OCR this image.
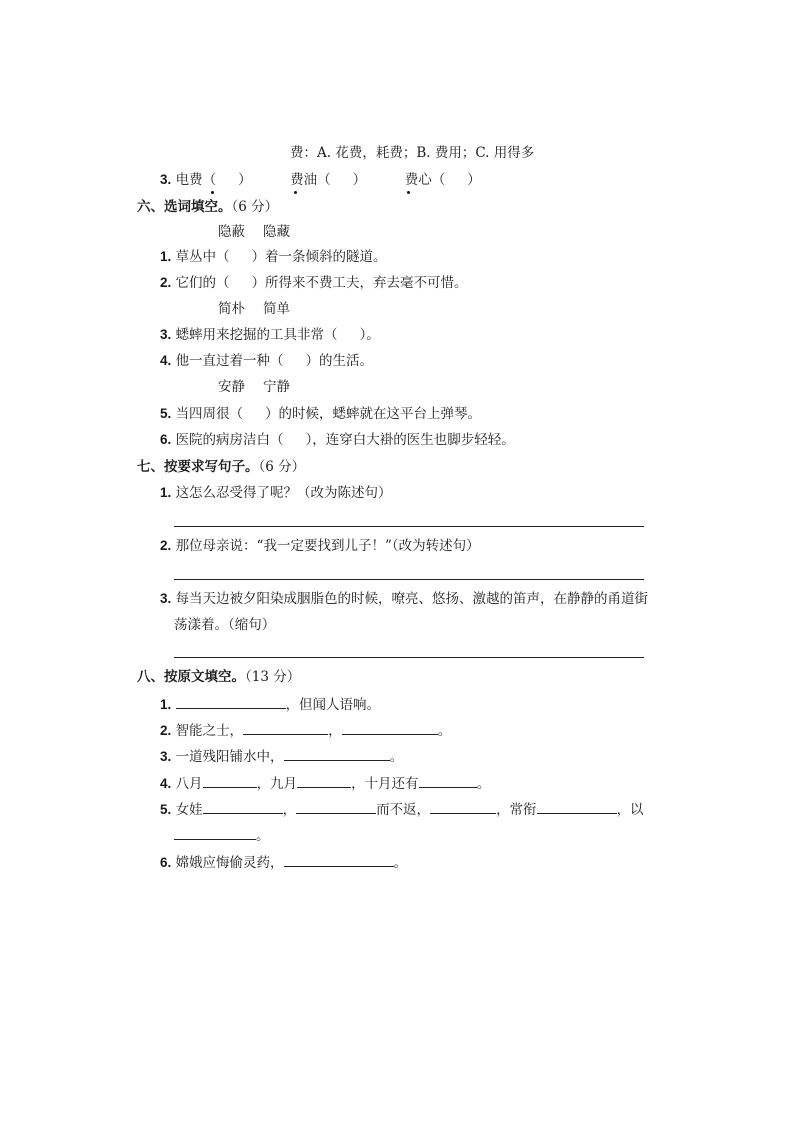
费：A. 花费，耗费；B. 费用；C. 用得多
3. 电费（ ）	费油（ ）	费心（ ）
六、选词填空。（6 分）
隐蔽 隐藏
1. 草丛中（ ）着一条倾斜的隧道。
2. 它们的（ ）所得来不费工夫，弃去毫不可惜。
简朴 简单
3. 蟋蟀用来挖掘的工具非常（ ）。
4. 他一直过着一种（ ）的生活。
安静 宁静
5. 当四周很（ ）的时候，蟋蟀就在这平台上弹琴。
6. 医院的病房洁白（ ），连穿白大褂的医生也脚步轻轻。
七、按要求写句子。（6 分）
1. 这怎么忍受得了呢？（改为陈述句）
2. 那位母亲说：“我一定要找到儿子！”（改为转述句）
3. 每当天边被夕阳染成胭脂色的时候，嘹亮、悠扬、激越的笛声，在静静的甬道街
荡漾着。（缩句）
八、按原文填空。（13 分）
1.	，但闻人语响。
2. 智能之士，	，	。
3. 一道残阳铺水中，	。
4. 八月	，九月	，十月还有	。
5. 女娃	，	而不返，	，常衔	，以
。
6. 嫦娥应悔偷灵药，	。
